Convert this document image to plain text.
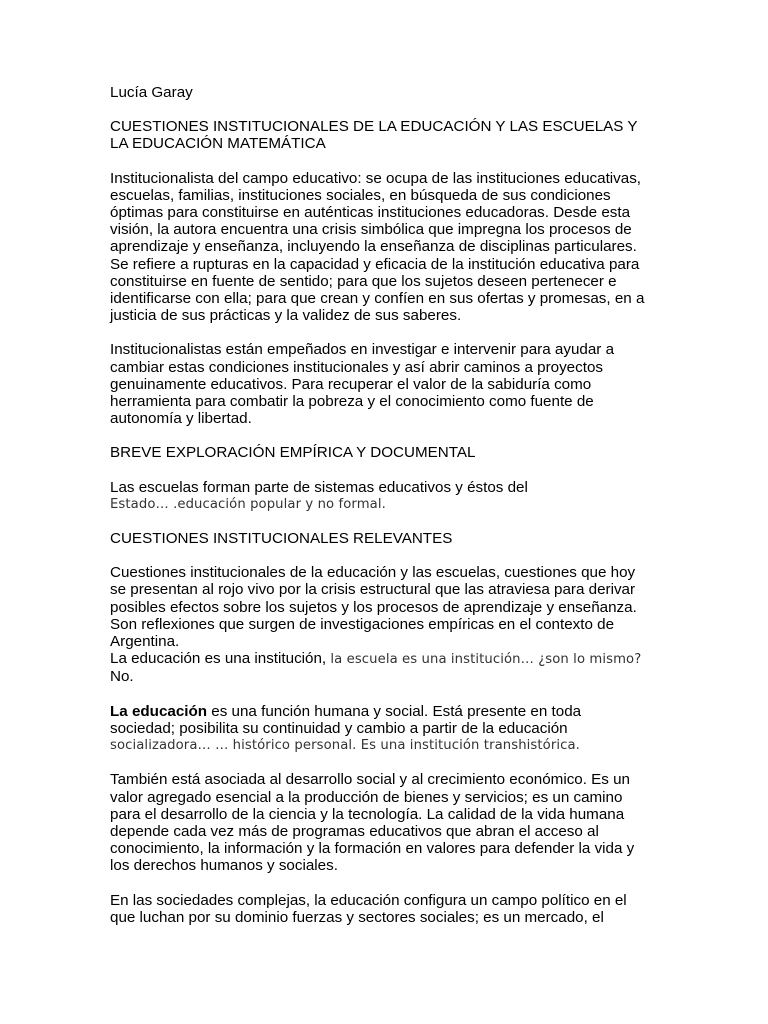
Lucía Garay

CUESTIONES INSTITUCIONALES DE LA EDUCACIÓN Y LAS ESCUELAS Y

LA EDUCACIÓN MATEMÁTICA

Institucionalista del campo educativo: se ocupa de las instituciones educativas,

escuelas, familias, instituciones sociales, en búsqueda de sus condiciones

óptimas para constituirse en auténticas instituciones educadoras. Desde esta

visión, la autora encuentra una crisis simbólica que impregna los procesos de

aprendizaje y enseñanza, incluyendo la enseñanza de disciplinas particulares.

Se refiere a rupturas en la capacidad y eficacia de la institución educativa para

constituirse en fuente de sentido; para que los sujetos deseen pertenecer e

identificarse con ella; para que crean y confíen en sus ofertas y promesas, en a

justicia de sus prácticas y la validez de sus saberes.

Institucionalistas están empeñados en investigar e intervenir para ayudar a

cambiar estas condiciones institucionales y así abrir caminos a proyectos

genuinamente educativos. Para recuperar el valor de la sabiduría como

herramienta para combatir la pobreza y el conocimiento como fuente de

autonomía y libertad.

BREVE EXPLORACIÓN EMPÍRICA Y DOCUMENTAL

Las escuelas forman parte de sistemas educativos y éstos del

Estado… .educación popular y no formal.

CUESTIONES INSTITUCIONALES RELEVANTES

Cuestiones institucionales de la educación y las escuelas, cuestiones que hoy

se presentan al rojo vivo por la crisis estructural que las atraviesa para derivar

posibles efectos sobre los sujetos y los procesos de aprendizaje y enseñanza.

Son reflexiones que surgen de investigaciones empíricas en el contexto de

Argentina.

La educación es una institución, la escuela es una institución… ¿son lo mismo?

No.

La educación es una función humana y social. Está presente en toda

sociedad; posibilita su continuidad y cambio a partir de la educación

socializadora… … histórico personal. Es una institución transhistórica.

También está asociada al desarrollo social y al crecimiento económico. Es un

valor agregado esencial a la producción de bienes y servicios; es un camino

para el desarrollo de la ciencia y la tecnología. La calidad de la vida humana

depende cada vez más de programas educativos que abran el acceso al

conocimiento, la información y la formación en valores para defender la vida y

los derechos humanos y sociales.

En las sociedades complejas, la educación configura un campo político en el

que luchan por su dominio fuerzas y sectores sociales; es un mercado, el
